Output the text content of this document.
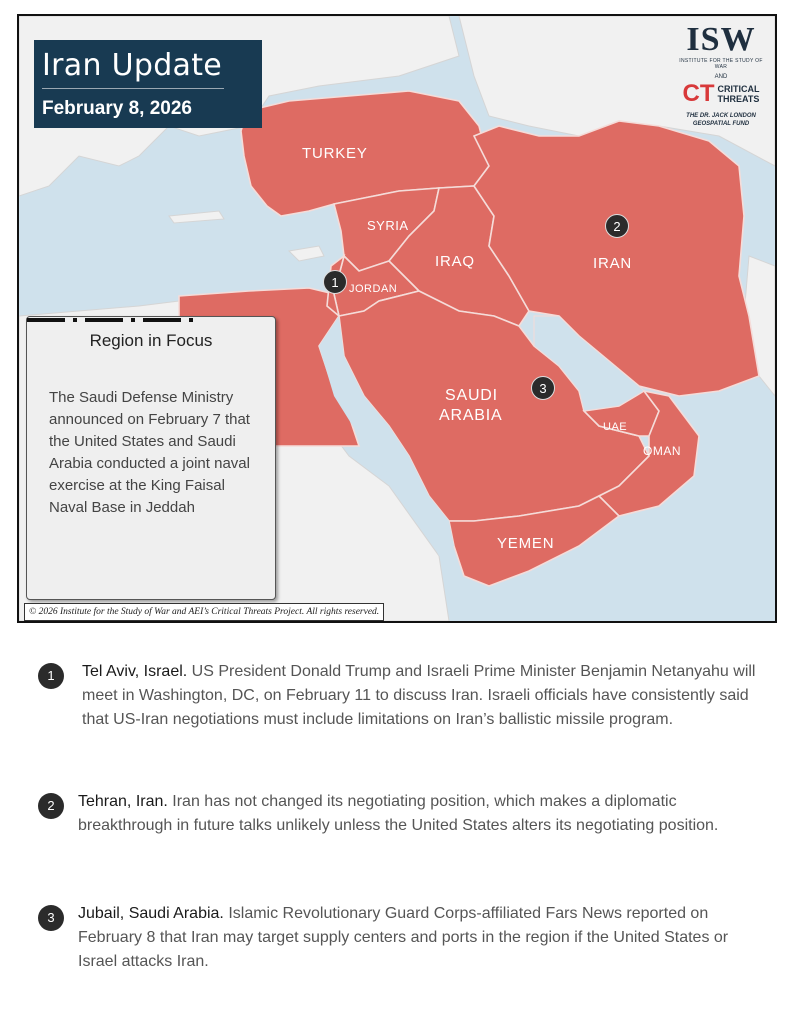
TURKEY
SYRIA
IRAQ
JORDAN
IRAN
SAUDI
ARABIA
UAE
OMAN
YEMEN
1
2
3
Iran Update
February 8, 2026
ISW
INSTITUTE FOR THE STUDY OF WAR
AND
CT CRITICAL
THREATS
THE DR. JACK LONDON
GEOSPATIAL FUND
Region in Focus
The Saudi Defense Ministry announced on February 7 that the United States and Saudi Arabia conducted a joint naval exercise at the King Faisal Naval Base in Jeddah
© 2026 Institute for the Study of War and AEI’s Critical Threats Project. All rights reserved.
1	Tel Aviv, Israel. US President Donald Trump and Israeli Prime Minister Benjamin Netanyahu will meet in Washington, DC, on February 11 to discuss Iran. Israeli officials have consistently said that US-Iran negotiations must include limitations on Iran’s ballistic missile program.
2	Tehran, Iran. Iran has not changed its negotiating position, which makes a diplomatic breakthrough in future talks unlikely unless the United States alters its negotiating position.
3	Jubail, Saudi Arabia. Islamic Revolutionary Guard Corps-affiliated Fars News reported on February 8 that Iran may target supply centers and ports in the region if the United States or Israel attacks Iran.
